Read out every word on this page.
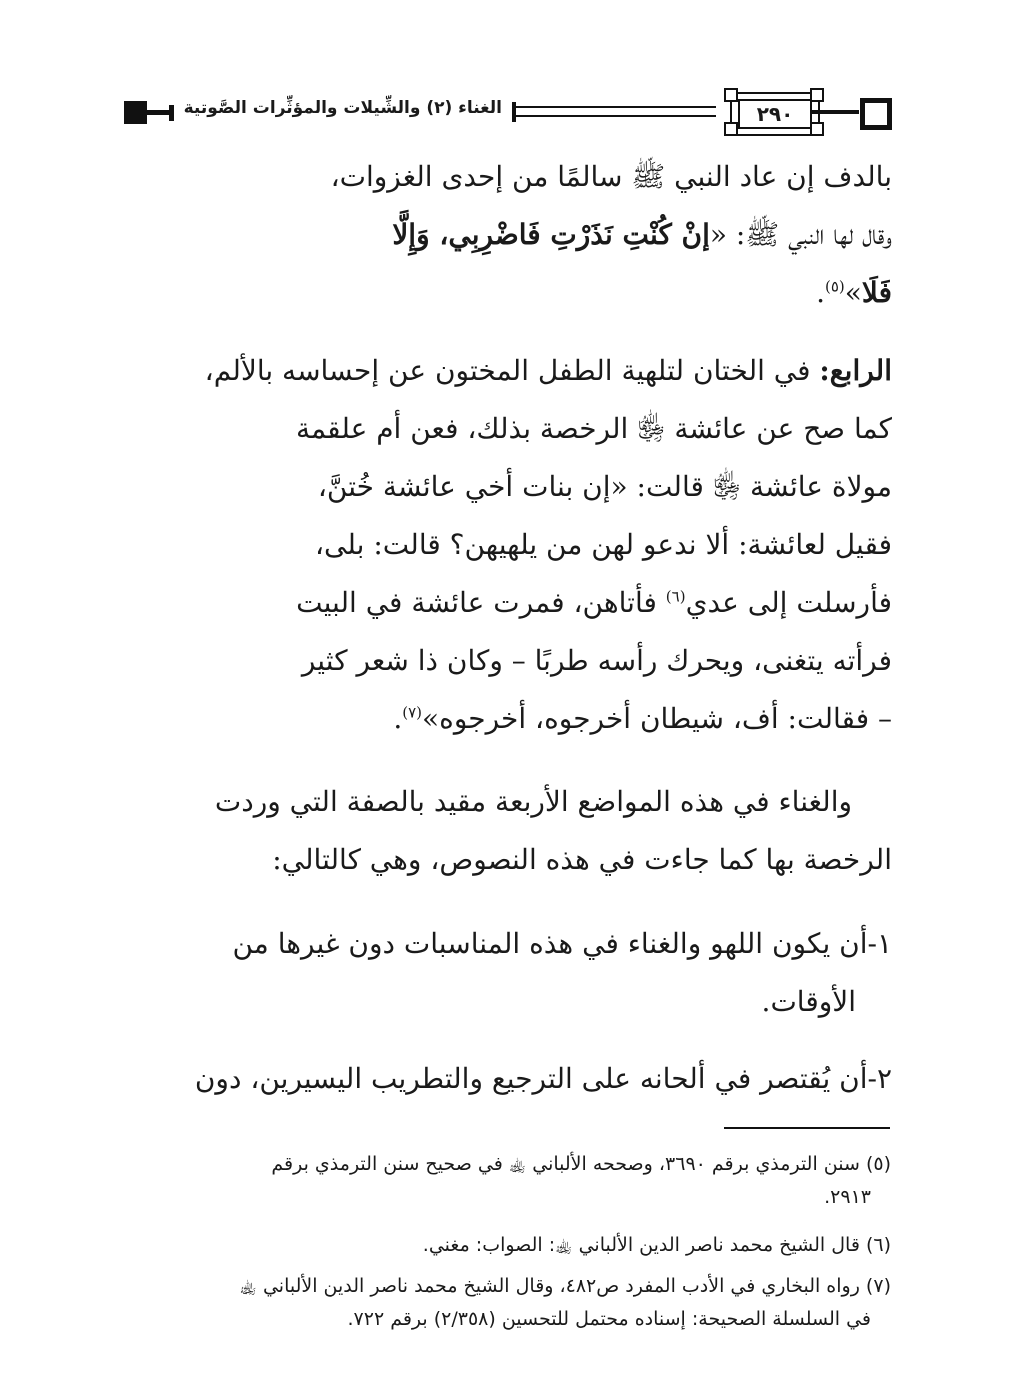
الغناء (٢) والشِّيلات والمؤثِّرات الصَّوتية	٢٩٠
بالدف إن عاد النبي ﷺ سالمًا من إحدى الغزوات،
وقال لها النبي ﷺ: «إنْ كُنْتِ نَذَرْتِ فَاضْرِبِي، وَإِلَّا
فَلَا»$^{(٥)}$.
الرابع: في الختان لتلهية الطفل المختون عن إحساسه بالألم،
كما صح عن عائشة ﵂ الرخصة بذلك، فعن أم علقمة
مولاة عائشة ﵂ قالت: «إن بنات أخي عائشة خُتنَّ،
فقيل لعائشة: ألا ندعو لهن من يلهيهن؟ قالت: بلى،
فأرسلت إلى عدي$^{(٦)}$ فأتاهن، فمرت عائشة في البيت
فرأته يتغنى، ويحرك رأسه طربًا – وكان ذا شعر كثير
– فقالت: أف، شيطان أخرجوه، أخرجوه»$^{(٧)}$.
والغناء في هذه المواضع الأربعة مقيد بالصفة التي وردت
الرخصة بها كما جاءت في هذه النصوص، وهي كالتالي:
١-أن يكون اللهو والغناء في هذه المناسبات دون غيرها من
الأوقات.
٢-أن يُقتصر في ألحانه على الترجيع والتطريب اليسيرين، دون
(٥) سنن الترمذي برقم ٣٦٩٠، وصححه الألباني ﵀ في صحيح سنن الترمذي برقم
٢٩١٣.
(٦) قال الشيخ محمد ناصر الدين الألباني ﵀: الصواب: مغني.
(٧) رواه البخاري في الأدب المفرد ص٤٨٢، وقال الشيخ محمد ناصر الدين الألباني ﵀
في السلسلة الصحيحة: إسناده محتمل للتحسين (٢/٣٥٨) برقم ٧٢٢.
